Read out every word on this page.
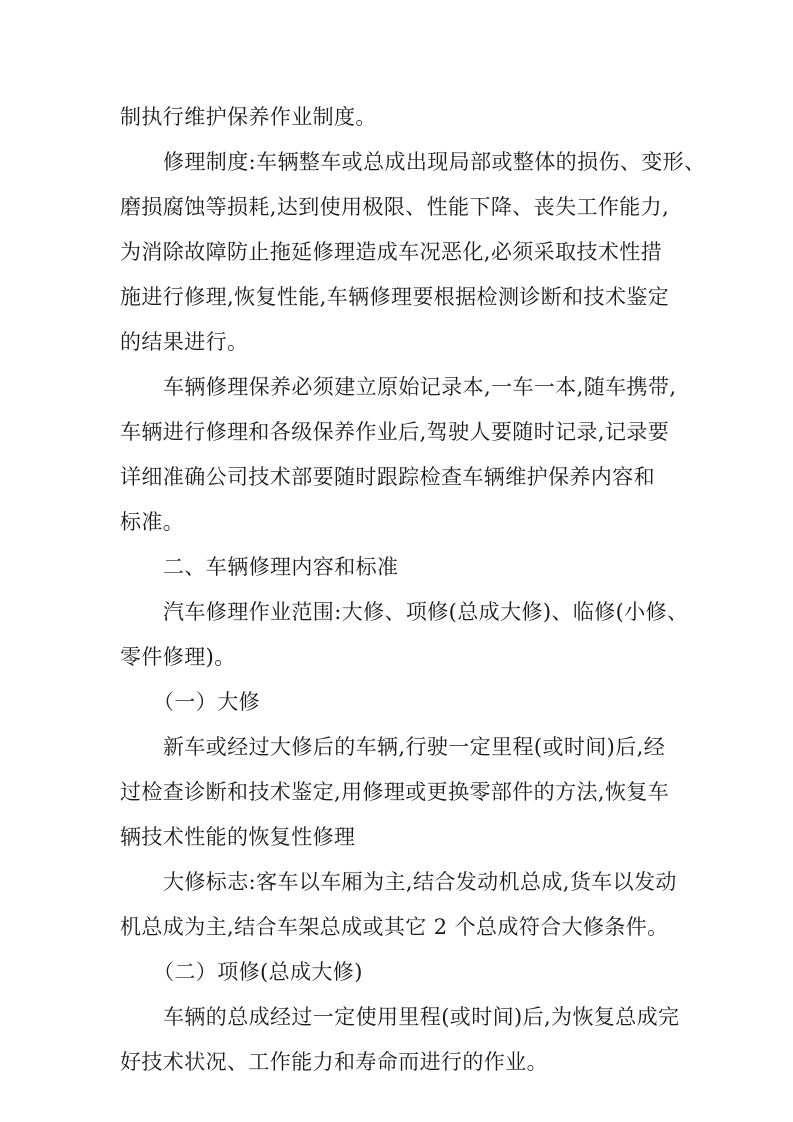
制执行维护保养作业制度。
修理制度:车辆整车或总成出现局部或整体的损伤、变形、
磨损腐蚀等损耗,达到使用极限、性能下降、丧失工作能力,
为消除故障防止拖延修理造成车况恶化,必须采取技术性措
施进行修理,恢复性能,车辆修理要根据检测诊断和技术鉴定
的结果进行。
车辆修理保养必须建立原始记录本,一车一本,随车携带,
车辆进行修理和各级保养作业后,驾驶人要随时记录,记录要
详细准确公司技术部要随时跟踪检查车辆维护保养内容和
标准。
二、车辆修理内容和标准
汽车修理作业范围:大修、项修(总成大修)、临修(小修、
零件修理)。
（一）大修
新车或经过大修后的车辆,行驶一定里程(或时间)后,经
过检查诊断和技术鉴定,用修理或更换零部件的方法,恢复车
辆技术性能的恢复性修理
大修标志:客车以车厢为主,结合发动机总成,货车以发动
机总成为主,结合车架总成或其它 2 个总成符合大修条件。
（二）项修(总成大修)
车辆的总成经过一定使用里程(或时间)后,为恢复总成完
好技术状况、工作能力和寿命而进行的作业。
